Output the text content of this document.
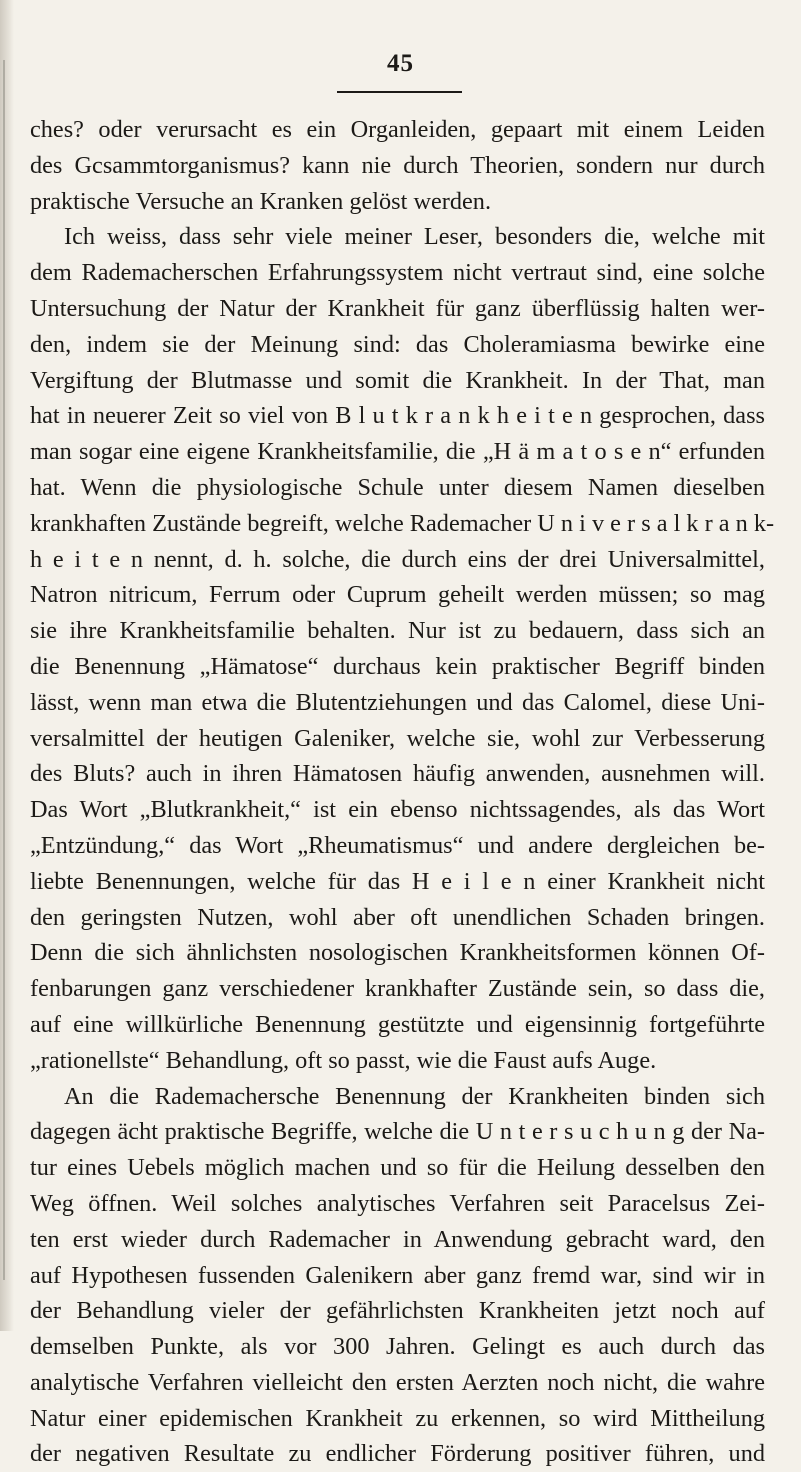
45
ches? oder verursacht es ein Organleiden, gepaart mit einem Leiden
des Gcsammtorganismus? kann nie durch Theorien, sondern nur durch
praktische Versuche an Kranken gelöst werden.
Ich weiss, dass sehr viele meiner Leser, besonders die, welche mit
dem Rademacherschen Erfahrungssystem nicht vertraut sind, eine solche
Untersuchung der Natur der Krankheit für ganz überflüssig halten wer-
den, indem sie der Meinung sind: das Choleramiasma bewirke eine
Vergiftung der Blutmasse und somit die Krankheit. In der That, man
hat in neuerer Zeit so viel von B l u t k r a n k h e i t e n gesprochen, dass
man sogar eine eigene Krankheitsfamilie, die „H ä m a t o s e n“ erfunden
hat. Wenn die physiologische Schule unter diesem Namen dieselben
krankhaften Zustände begreift, welche Rademacher U n i v e r s a l k r a n k-
h e i t e n nennt, d. h. solche, die durch eins der drei Universalmittel,
Natron nitricum, Ferrum oder Cuprum geheilt werden müssen; so mag
sie ihre Krankheitsfamilie behalten. Nur ist zu bedauern, dass sich an
die Benennung „Hämatose“ durchaus kein praktischer Begriff binden
lässt, wenn man etwa die Blutentziehungen und das Calomel, diese Uni-
versalmittel der heutigen Galeniker, welche sie, wohl zur Verbesserung
des Bluts? auch in ihren Hämatosen häufig anwenden, ausnehmen will.
Das Wort „Blutkrankheit,“ ist ein ebenso nichtssagendes, als das Wort
„Entzündung,“ das Wort „Rheumatismus“ und andere dergleichen be-
liebte Benennungen, welche für das H e i l e n einer Krankheit nicht
den geringsten Nutzen, wohl aber oft unendlichen Schaden bringen.
Denn die sich ähnlichsten nosologischen Krankheitsformen können Of-
fenbarungen ganz verschiedener krankhafter Zustände sein, so dass die,
auf eine willkürliche Benennung gestützte und eigensinnig fortgeführte
„rationellste“ Behandlung, oft so passt, wie die Faust aufs Auge.
An die Rademachersche Benennung der Krankheiten binden sich
dagegen ächt praktische Begriffe, welche die U n t e r s u c h u n g der Na-
tur eines Uebels möglich machen und so für die Heilung desselben den
Weg öffnen. Weil solches analytisches Verfahren seit Paracelsus Zei-
ten erst wieder durch Rademacher in Anwendung gebracht ward, den
auf Hypothesen fussenden Galenikern aber ganz fremd war, sind wir in
der Behandlung vieler der gefährlichsten Krankheiten jetzt noch auf
demselben Punkte, als vor 300 Jahren. Gelingt es auch durch das
analytische Verfahren vielleicht den ersten Aerzten noch nicht, die wahre
Natur einer epidemischen Krankheit zu erkennen, so wird Mittheilung
der negativen Resultate zu endlicher Förderung positiver führen, und
